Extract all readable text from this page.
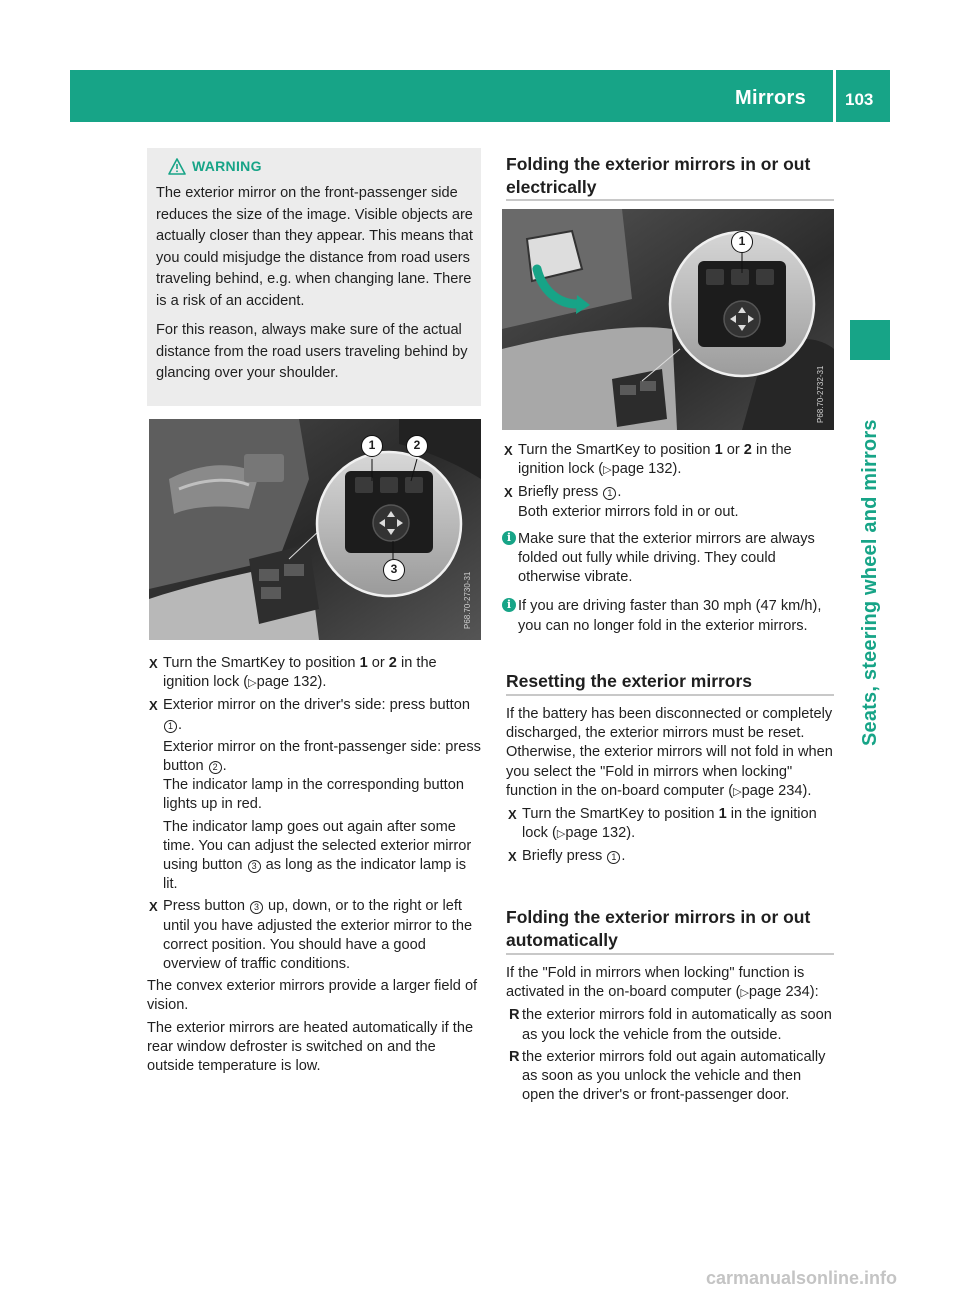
Mirrors 103
Seats, steering wheel and mirrors
WARNING

The exterior mirror on the front-passenger side reduces the size of the image. Visible objects are actually closer than they appear. This means that you could misjudge the distance from road users traveling behind, e.g. when changing lane. There is a risk of an accident.

For this reason, always make sure of the actual distance from the road users traveling behind by glancing over your shoulder.

1	2
3
P68.70-2730-31
X Turn the SmartKey to position 1 or 2 in the ignition lock (▷page 132).
X Exterior mirror on the driver's side: press button 1 .
Exterior mirror on the front-passenger side: press button 2 .
The indicator lamp in the corresponding button lights up in red.
The indicator lamp goes out again after some time. You can adjust the selected exterior mirror using button 3 as long as the indicator lamp is lit.
X Press button 3 up, down, or to the right or left until you have adjusted the exterior mirror to the correct position. You should have a good overview of traffic conditions.

The convex exterior mirrors provide a larger field of vision.

The exterior mirrors are heated automatically if the rear window defroster is switched on and the outside temperature is low.

Folding the exterior mirrors in or out electrically
1
P68.70-2732-31
X Turn the SmartKey to position 1 or 2 in the ignition lock (▷page 132).
X Briefly press 1 .
Both exterior mirrors fold in or out.
i Make sure that the exterior mirrors are always folded out fully while driving. They could otherwise vibrate.
i If you are driving faster than 30 mph (47 km/h), you can no longer fold in the exterior mirrors.
Resetting the exterior mirrors

If the battery has been disconnected or completely discharged, the exterior mirrors must be reset. Otherwise, the exterior mirrors will not fold in when you select the "Fold in mirrors when locking" function in the on-board computer (▷page 234).

X Turn the SmartKey to position 1 in the ignition lock (▷page 132).
X Briefly press 1 .
Folding the exterior mirrors in or out automatically

If the "Fold in mirrors when locking" function is activated in the on-board computer (▷page 234):

R the exterior mirrors fold in automatically as soon as you lock the vehicle from the outside.
R the exterior mirrors fold out again automatically as soon as you unlock the vehicle and then open the driver's or front-passenger door.
carmanualsonline.info
